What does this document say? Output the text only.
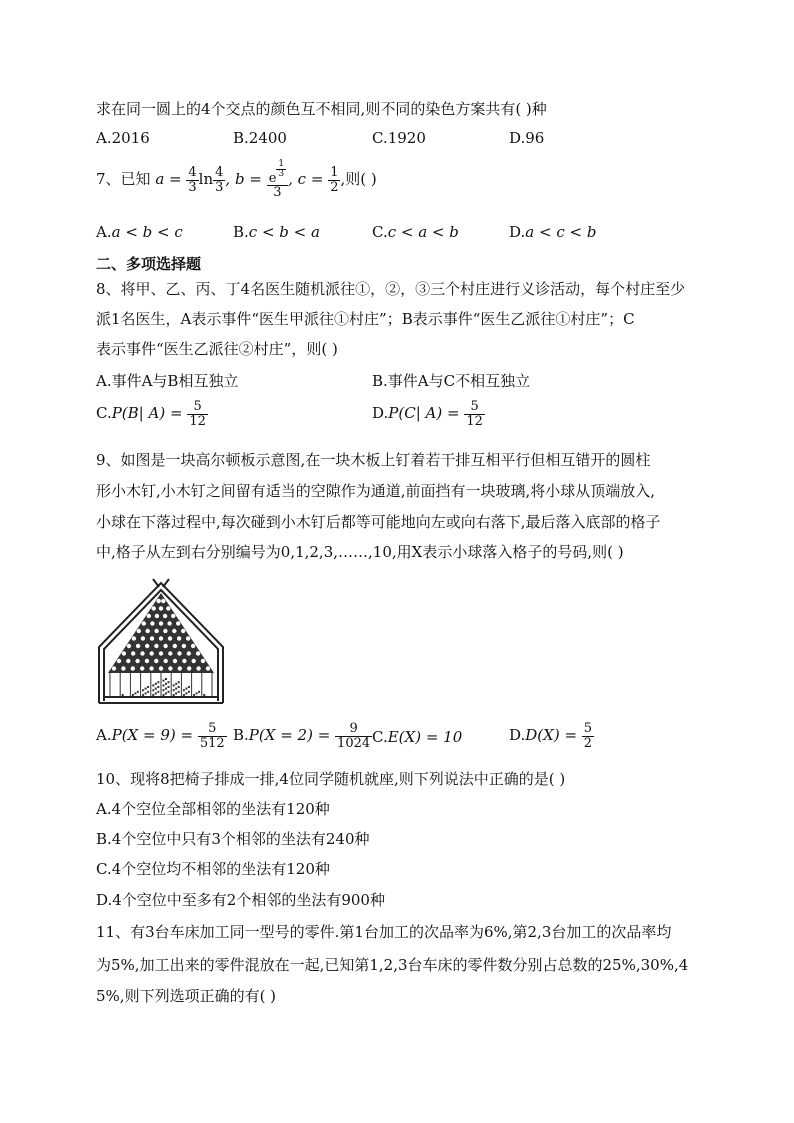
求在同一圆上的4个交点的颜色互不相同,则不同的染色方案共有( )种
A.2016	B.2400	C.1920	D.96
7、已知 $a = \frac{4}{3}$ $\ln \frac{4}{3}$ , $b = \frac{e \frac{1}{3}}{3}$ , $c = \frac{1}{2}$ ,则( )
A.a < b < c	B.c < b < a	C.c < a < b	D.a < c < b
二、多项选择题
8、将甲、乙、丙、丁4名医生随机派往①，②，③三个村庄进行义诊活动，每个村庄至少
派1名医生，A表示事件“医生甲派往①村庄”；B表示事件“医生乙派往①村庄”；C
表示事件“医生乙派往②村庄”，则( )
A.事件A与B相互独立	B.事件A与C不相互独立
C.P(B| $A) = \frac{5}{12}$	D.P(C| $A) = \frac{5}{12}$
9、如图是一块高尔顿板示意图,在一块木板上钉着若干排互相平行但相互错开的圆柱
形小木钉,小木钉之间留有适当的空隙作为通道,前面挡有一块玻璃,将小球从顶端放入,
小球在下落过程中,每次碰到小木钉后都等可能地向左或向右落下,最后落入底部的格子
中,格子从左到右分别编号为0,1,2,3,……,10,用X表示小球落入格子的号码,则( )
$A.P(X = 9) = \frac{5}{512} B.P(X = 2) = \frac{9}{1024} C.E(X) = 10$	$D.D(X) = \frac{5}{2}$
10、现将8把椅子排成一排,4位同学随机就座,则下列说法中正确的是( )
A.4个空位全部相邻的坐法有120种
B.4个空位中只有3个相邻的坐法有240种
C.4个空位均不相邻的坐法有120种
D.4个空位中至多有2个相邻的坐法有900种
11、有3台车床加工同一型号的零件.第1台加工的次品率为6%,第2,3台加工的次品率均
为5%,加工出来的零件混放在一起,已知第1,2,3台车床的零件数分别占总数的25%,30%,4
5%,则下列选项正确的有( )
